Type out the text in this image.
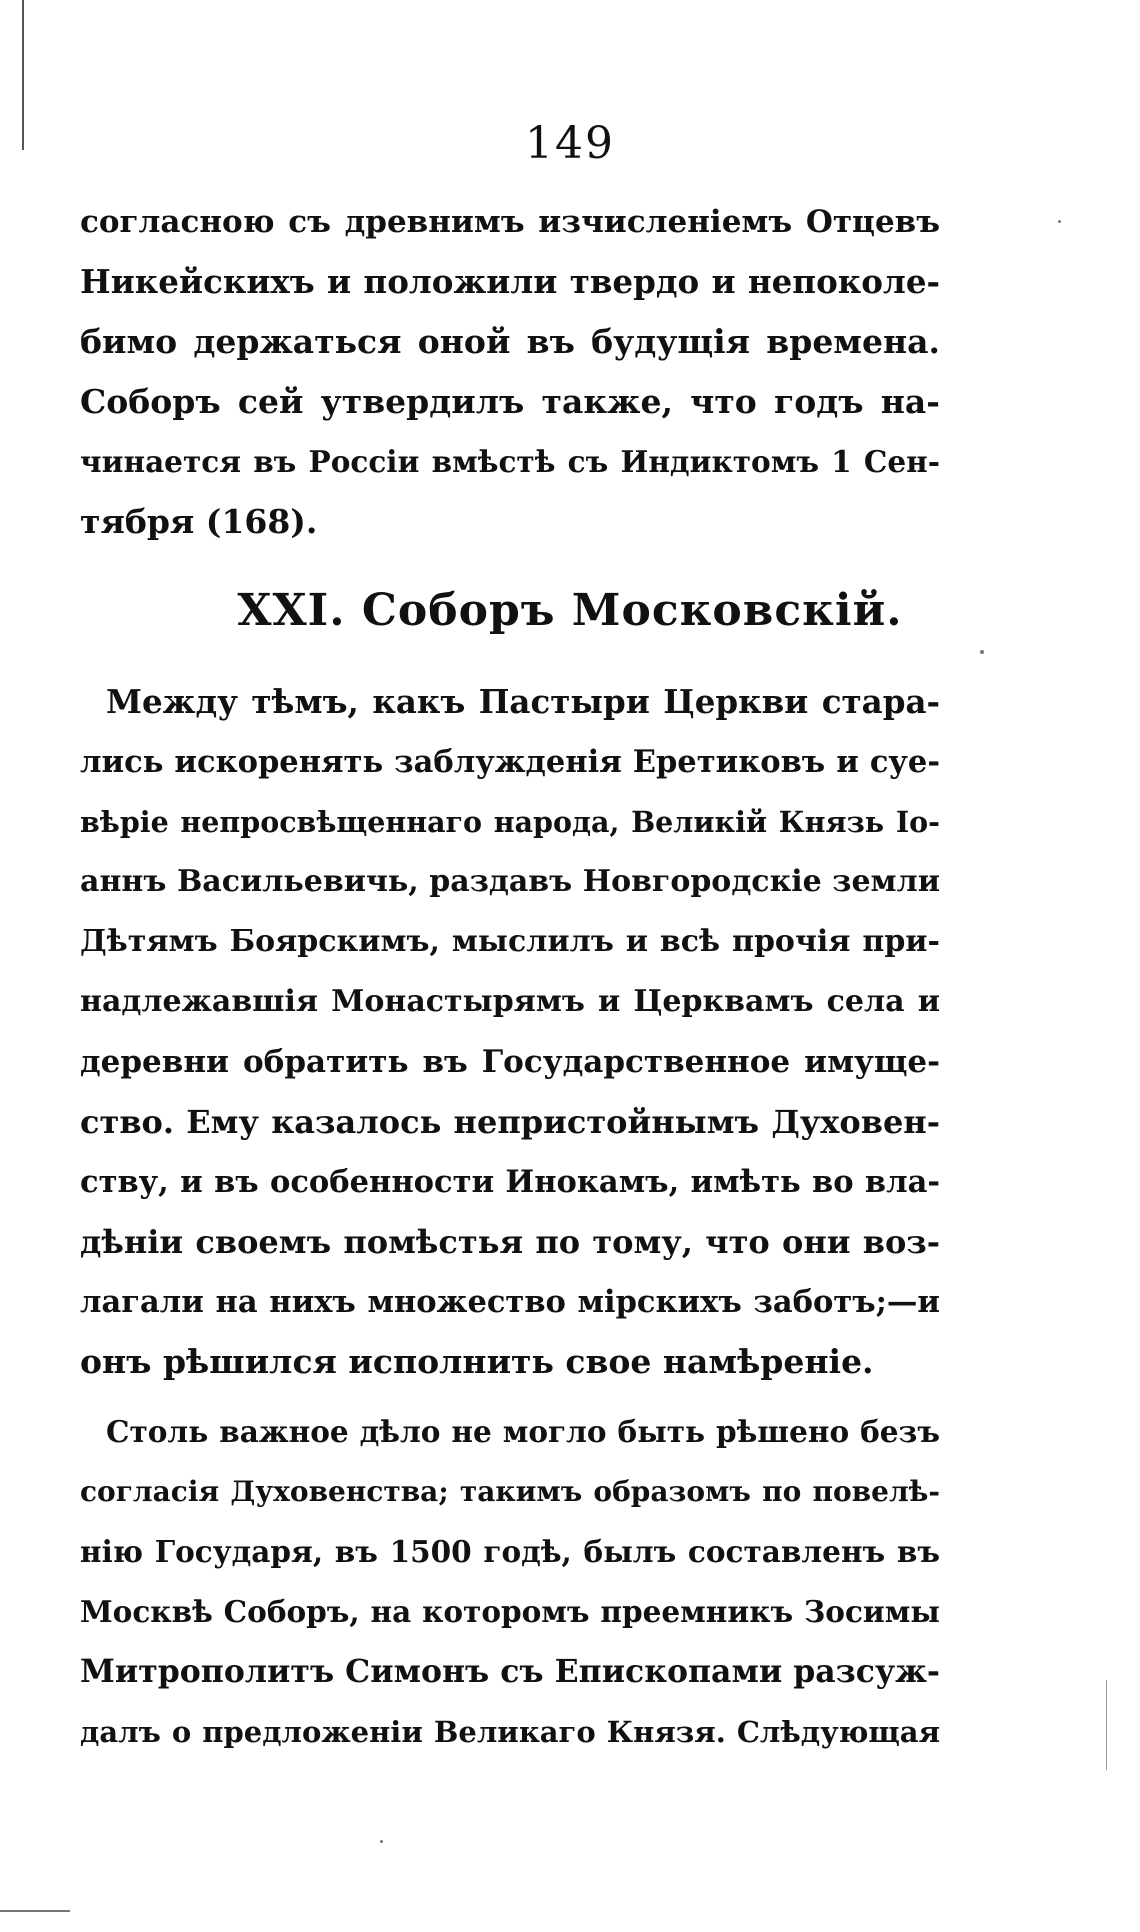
149
согласною съ древнимъ изчисленіемъ Отцевъ
Никейскихъ и положили твердо и непоколе-
бимо держаться оной въ будущія времена.
Соборъ сей утвердилъ также, что годъ на-
чинается въ Россіи вмѣстѣ съ Индиктомъ 1 Сен-
тября (168).
XXI. Соборъ Московскій.
Между тѣмъ, какъ Пастыри Церкви стара-
лись искоренять заблужденія Еретиковъ и суе-
вѣріе непросвѣщеннаго народа, Великій Князь Іо-
аннъ Васильевичь, раздавъ Новгородскіе земли
Дѣтямъ Боярскимъ, мыслилъ и всѣ прочія при-
надлежавшія Монастырямъ и Церквамъ села и
деревни обратить въ Государственное имуще-
ство. Ему казалось непристойнымъ Духовен-
ству, и въ особенности Инокамъ, имѣть во вла-
дѣніи своемъ помѣстья по тому, что они воз-
лагали на нихъ множество мірскихъ заботъ;—и
онъ рѣшился исполнить свое намѣреніе.
Столь важное дѣло не могло быть рѣшено безъ
согласія Духовенства; такимъ образомъ по повелѣ-
нію Государя, въ 1500 годѣ, былъ составленъ въ
Москвѣ Соборъ, на которомъ преемникъ Зосимы
Митрополитъ Симонъ съ Епископами разсуж-
далъ о предложеніи Великаго Князя. Слѣдующая
